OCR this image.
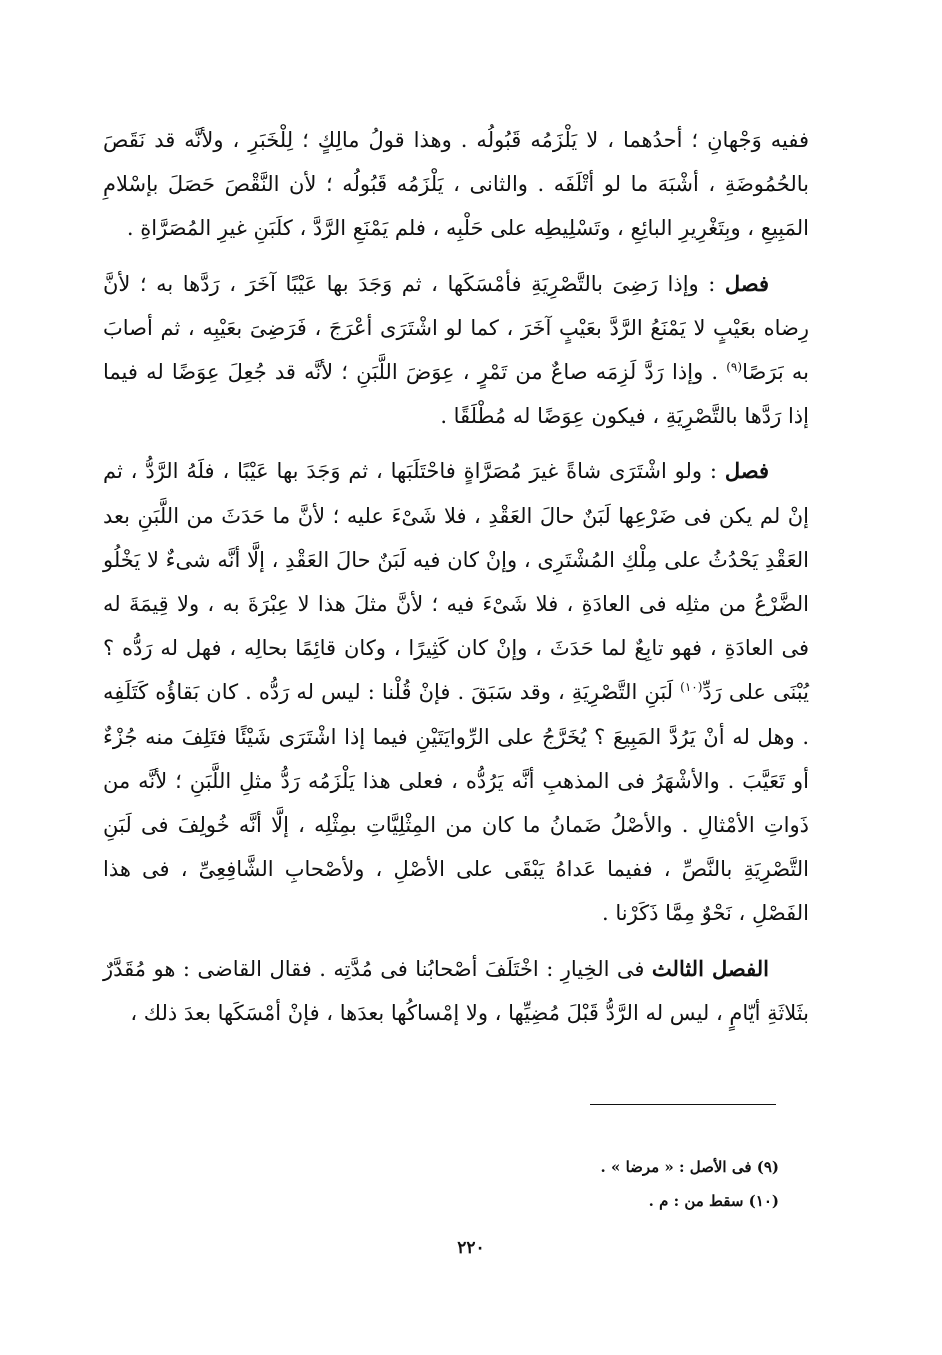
ففيه وَجْهانِ ؛ أحدُهما ، لا يَلْزَمُه قَبُولُه . وهذا قولُ مالِكٍ ؛ لِلْخَبَرِ ، ولأنَّه قد نَقَصَ بالحُمُوضَةِ ، أشْبَهَ ما لو أتْلَفَه . والثانى ، يَلْزَمُه قَبُولُه ؛ لأن النَّقْصَ حَصَلَ بإسْلامِ المَبِيعِ ، وبِتَغْرِيرِ البائِعِ ، وتَسْلِيطِه على حَلْبِه ، فلم يَمْنَعِ الرَّدَّ ، كلَبَنِ غيرِ المُصَرَّاةِ .

فصل : وإذا رَضِىَ بالتَّصْرِيَةِ فأمْسَكَها ، ثم وَجَدَ بها عَيْبًا آخَرَ ، رَدَّها به ؛ لأنَّ رِضاه بعَيْبٍ لا يَمْنَعُ الرَّدَّ بعَيْبٍ آخَرَ ، كما لو اشْتَرَى أعْرَجَ ، فَرَضِىَ بعَيْبِه ، ثم أصابَ به بَرَصًا$^{(٩)}$ . وإذا رَدَّ لَزِمَه صاعٌ من تَمْرٍ ، عِوَضَ اللَّبَنِ ؛ لأنَّه قد جُعِلَ عِوَضًا له فيما إذا رَدَّها بالتَّصْرِيَةِ ، فيكون عِوَضًا له مُطْلَقًا .

فصل : ولو اشْتَرَى شاةً غيرَ مُصَرَّاةٍ فاحْتَلَبَها ، ثم وَجَدَ بها عَيْبًا ، فلَهُ الرَّدُّ ، ثم إنْ لم يكن فى ضَرْعِها لَبَنٌ حالَ العَقْدِ ، فلا شَىْءَ عليه ؛ لأنَّ ما حَدَثَ من اللَّبَنِ بعد العَقْدِ يَحْدُثُ على مِلْكِ المُشْتَرِى ، وإنْ كان فيه لَبَنٌ حالَ العَقْدِ ، إلَّا أنَّه شىءٌ لا يَخْلُو الضَّرْعُ من مثلِه فى العادَةِ ، فلا شَىْءَ فيه ؛ لأنَّ مثلَ هذا لا عِبْرَةَ به ، ولا قِيمَةَ له فى العادَةِ ، فهو تابِعٌ لما حَدَثَ ، وإنْ كان كَثِيرًا ، وكان قائِمًا بحالِه ، فهل له رَدُّه ؟ يُبْنَى على رَدِّ$^{(١٠)}$ لَبَنِ التَّصْرِيَةِ ، وقد سَبَقَ . فإنْ قُلْنا : ليس له رَدُّه . كان بَقاؤُه كَتَلَفِه . وهل له أنْ يَرُدَّ المَبِيعَ ؟ يُخَرَّجُ على الرِّوايَتَيْنِ فيما إذا اشْتَرَى شَيْئًا فتَلِفَ منه جُزْءٌ أو تَعَيَّبَ . والأشْهَرُ فى المذهبِ أنَّه يَرُدُّه ، فعلى هذا يَلْزَمُه رَدُّ مثلِ اللَّبَنِ ؛ لأنَّه من ذَواتِ الأمْثالِ . والأصْلُ ضَمانُ ما كان من المِثْلِيَّاتِ بمِثْلِه ، إلَّا أنَّه خُولِفَ فى لَبَنِ التَّصْرِيَةِ بالنَّصِّ ، ففيما عَداهُ يَبْقَى على الأصْلِ ، ولأصْحابِ الشَّافِعِىِّ ، فى هذا الفَصْلِ ، نَحْوٌ مِمَّا ذَكَرْنا .

الفصل الثالث فى الخِيارِ : اخْتَلَفَ أصْحابُنا فى مُدَّتِه . فقال القاضى : هو مُقَدَّرٌ بثَلاثَةِ أيّامٍ ، ليس له الرَّدُّ قَبْلَ مُضِيِّها ، ولا إمْساكُها بعدَها ، فإنْ أمْسَكَها بعدَ ذلك ،

(٩) فى الأصل : « مرضا » .
(١٠) سقط من : م .
٢٢٠
